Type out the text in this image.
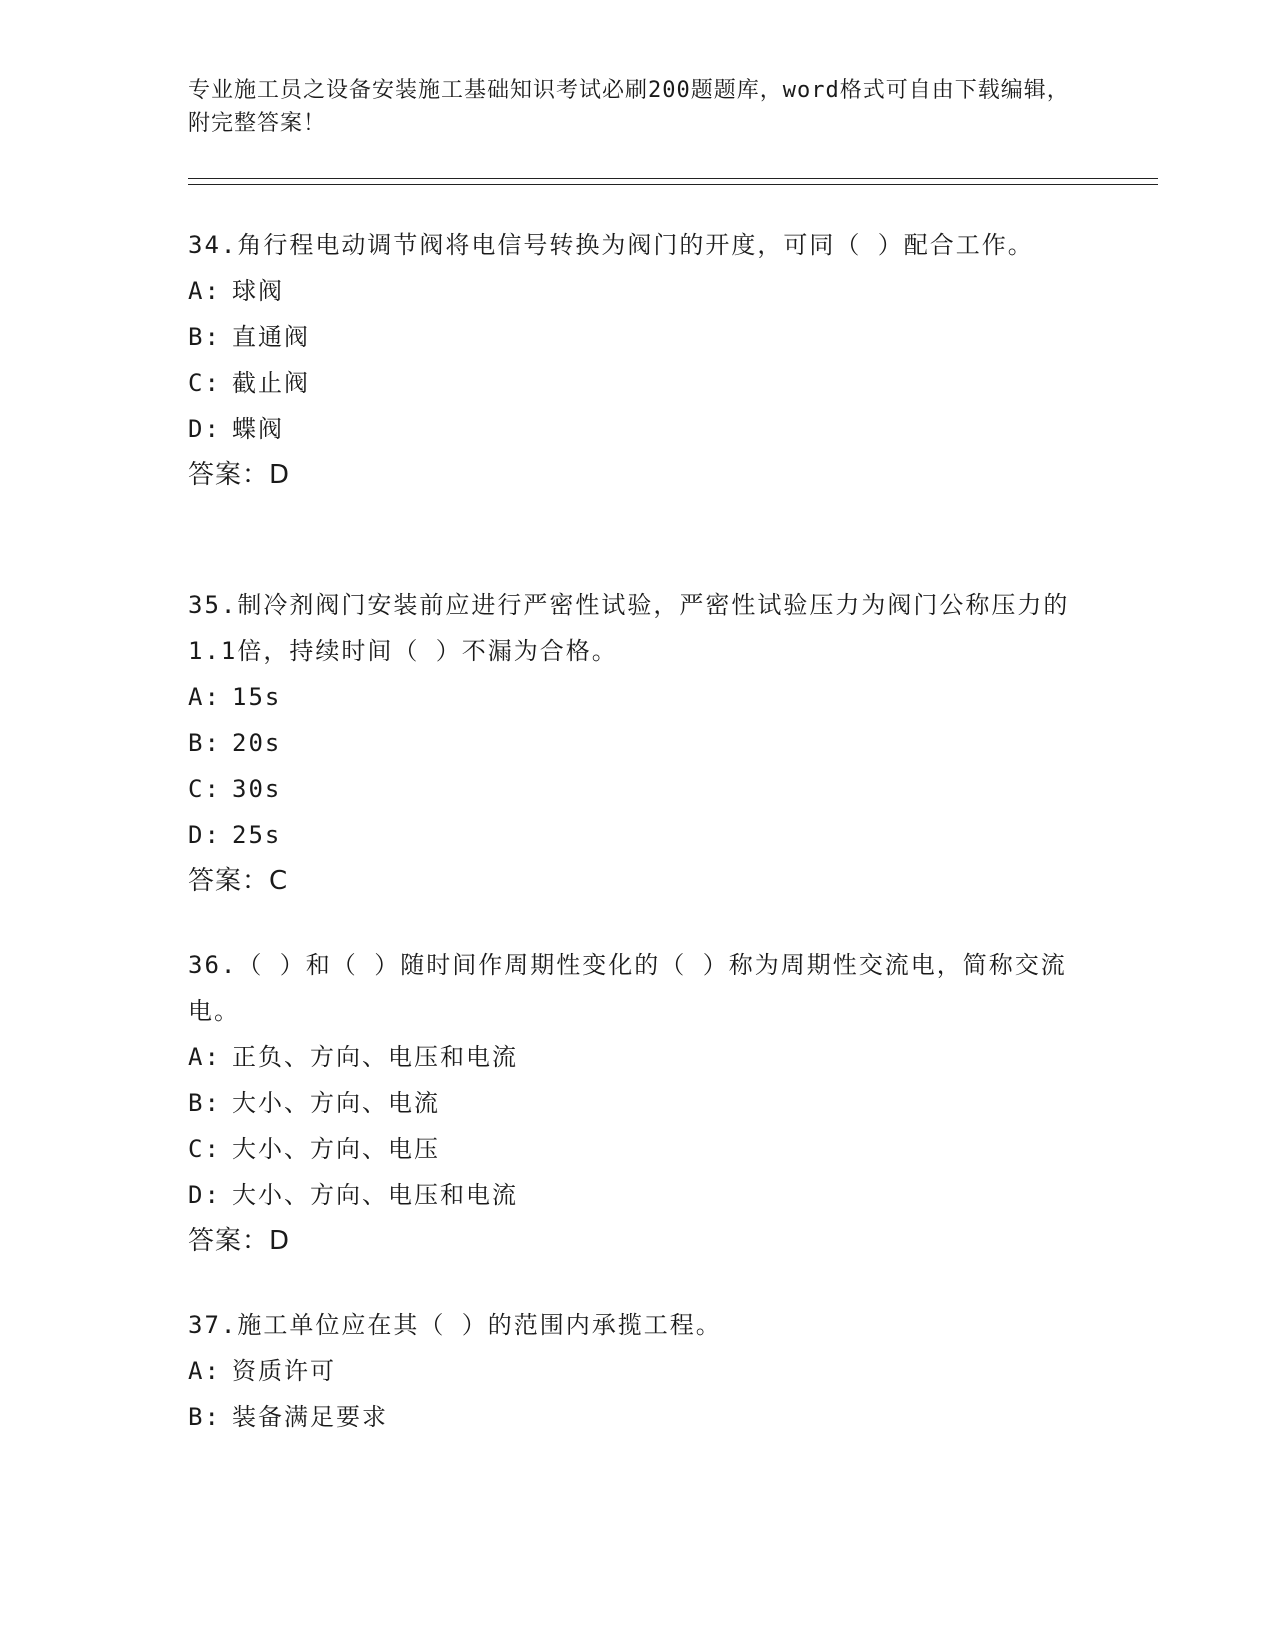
专业施工员之设备安装施工基础知识考试必刷200题题库，word格式可自由下载编辑，附完整答案！

34.角行程电动调节阀将电信号转换为阀门的开度，可同（ ）配合工作。

A: 球阀

B: 直通阀

C: 截止阀

D: 蝶阀

答案：D

35.制冷剂阀门安装前应进行严密性试验，严密性试验压力为阀门公称压力的1.1倍，持续时间（ ）不漏为合格。

A: 15s

B: 20s

C: 30s

D: 25s

答案：C

36.（ ）和（ ）随时间作周期性变化的（ ）称为周期性交流电，简称交流电。

A: 正负、方向、电压和电流

B: 大小、方向、电流

C: 大小、方向、电压

D: 大小、方向、电压和电流

答案：D

37.施工单位应在其（ ）的范围内承揽工程。

A: 资质许可

B: 装备满足要求
